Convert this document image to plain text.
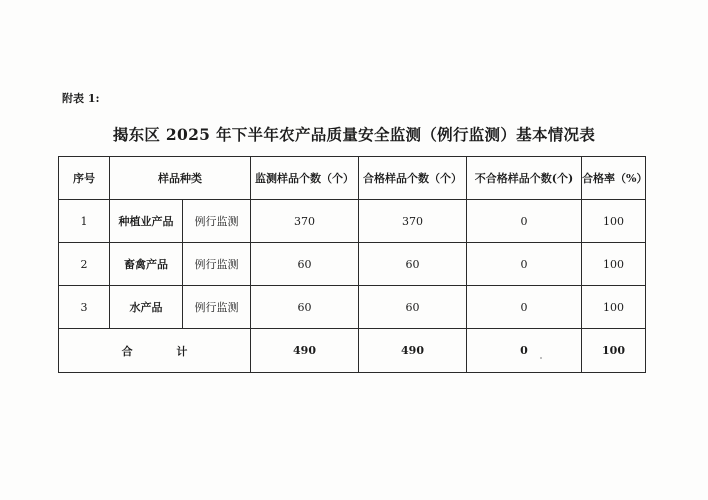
附表 1:
揭东区 2025 年下半年农产品质量安全监测（例行监测）基本情况表
序号	样品种类		监测样品个数（个）	合格样品个数（个）	不合格样品个数(个)	合格率（%）
1	种植业产品	例行监测	370	370	0	100
2	畜禽产品	例行监测	60	60	0	100
3	水产品	例行监测	60	60	0	100
合 计			490	490	0	100
